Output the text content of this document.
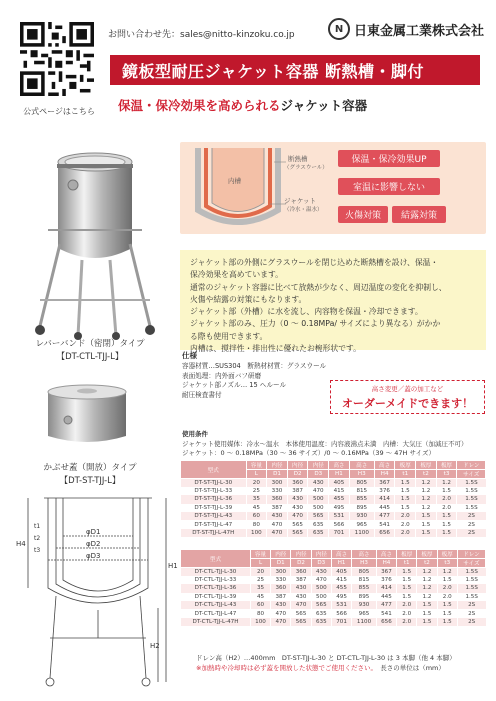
公式ページはこちら
お問い合わせ先：sales@nitto-kinzoku.co.jp
N 日東金属工業株式会社
鏡板型耐圧ジャケット容器 断熱槽・脚付
保温・保冷効果を高められるジャケット容器
レバーバンド（密閉）タイプ
【DT-CTL-TJJ-L】
かぶせ蓋（開放）タイプ
【DT-ST-TJJ-L】
断熱槽
（グラスウール）
内槽
ジャケット
（冷水・温水）
保温・保冷効果UP
室温に影響しない
火傷対策	結露対策
ジャケット部の外側にグラスウールを閉じ込めた断熱槽を設け、保温・
保冷効果を高めています。
通常のジャケット容器に比べて放熱が少なく、周辺温度の変化を抑制し、
火傷や結露の対策にもなります。
ジャケット部（外槽）に水を流し、内容物を保温・冷却できます。
ジャケット部のみ、圧力（0 〜 0.18MPa/ サイズにより異なる）がかか
る際も使用できます。
内槽は、撹拌性・排出性に優れたお椀形状です。
仕様
容器材質…SUS304　断熱材材質：グラスウール
表面処理：内外面バフ研磨
ジャケット部ノズル… 15 ヘルール
耐圧検査書付
高さ変更／蓋の加工など
オーダーメイドできます！
使用条件
ジャケット使用媒体：冷水〜温水　本体使用温度：内容液沸点未満　内槽：大気圧（加減圧不可）
ジャケット：0 〜 0.18MPa（30 〜 36 サイズ）/0 〜 0.16MPa（39 〜 47H サイズ）
φD1
φD2
φD3
H4
H1
H2
t1
t2
t3
型式	容量	内径	内径	内径	高さ	高さ	高さ	板厚	板厚	板厚	ドレン
	L	D1	D2	D3	H1	H3	H4	t1	t2	t3	サイズ
DT-ST-TJJ-L-30	20	300	360	430	405	805	367	1.5	1.2	1.2	1.5S
DT-ST-TJJ-L-33	25	330	387	470	415	815	376	1.5	1.2	1.5	1.5S
DT-ST-TJJ-L-36	35	360	430	500	455	855	414	1.5	1.2	2.0	1.5S
DT-ST-TJJ-L-39	45	387	430	500	495	895	445	1.5	1.2	2.0	1.5S
DT-ST-TJJ-L-43	60	430	470	565	531	930	477	2.0	1.5	1.5	2S
DT-ST-TJJ-L-47	80	470	565	635	566	965	541	2.0	1.5	1.5	2S
DT-ST-TJJ-L-47H	100	470	565	635	701	1100	656	2.0	1.5	1.5	2S
型式	容量	内径	内径	内径	高さ	高さ	高さ	板厚	板厚	板厚	ドレン
	L	D1	D2	D3	H1	H3	H4	t1	t2	t3	サイズ
DT-CTL-TJJ-L-30	20	300	360	430	405	805	367	1.5	1.2	1.2	1.5S
DT-CTL-TJJ-L-33	25	330	387	470	415	815	376	1.5	1.2	1.5	1.5S
DT-CTL-TJJ-L-36	35	360	430	500	455	855	414	1.5	1.2	2.0	1.5S
DT-CTL-TJJ-L-39	45	387	430	500	495	895	445	1.5	1.2	2.0	1.5S
DT-CTL-TJJ-L-43	60	430	470	565	531	930	477	2.0	1.5	1.5	2S
DT-CTL-TJJ-L-47	80	470	565	635	566	965	541	2.0	1.5	1.5	2S
DT-CTL-TJJ-L-47H	100	470	565	635	701	1100	656	2.0	1.5	1.5	2S
ドレン高（H2）…400mm　DT-ST-TJJ-L-30 と DT-CTL-TJJ-L-30 は 3 本脚（他 4 本脚）
※加熱時や冷却時は必ず蓋を開放した状態でご使用ください。　 長さの単位は（mm）
